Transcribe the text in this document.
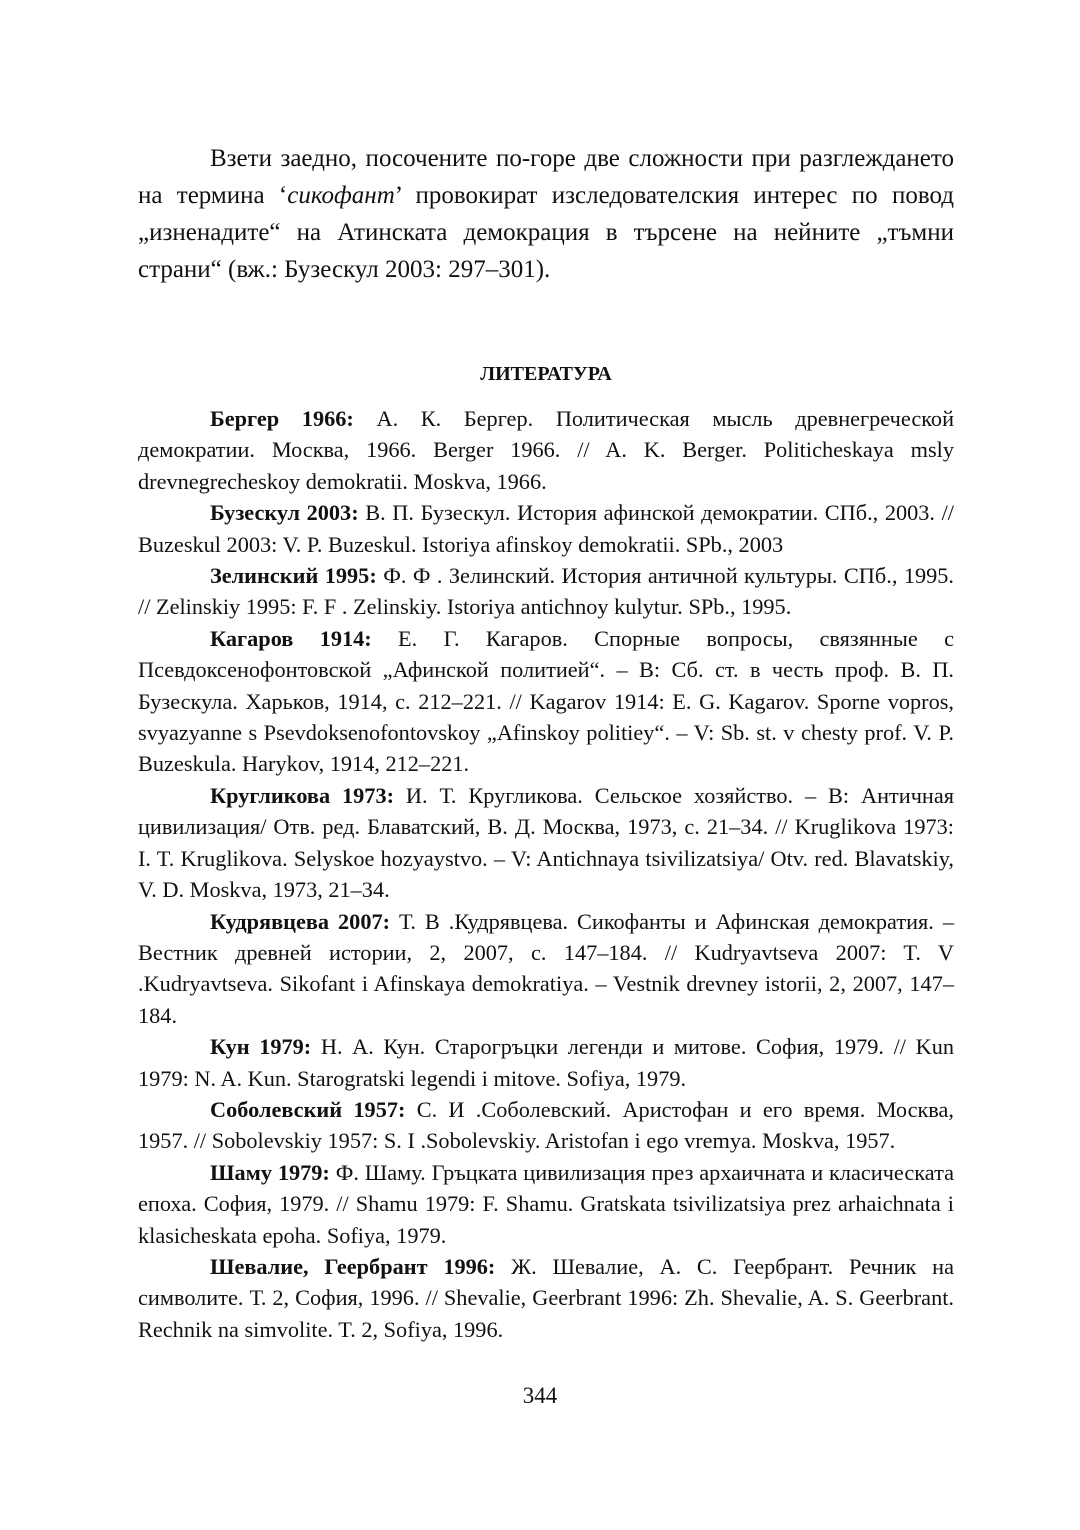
Взети заедно, посочените по-горе две сложности при разглеждането на термина ‘сикофант’ провокират изследователския интерес по повод „изненадите“ на Атинската демокрация в търсене на нейните „тъмни страни“ (вж.: Бузескул 2003: 297–301).

ЛИТЕРАТУРА

Бергер 1966: А. К. Бергер. Политическая мысль древнегреческой демократии. Москва, 1966. Berger 1966. // A. K. Berger. Politicheskaya msly drevnegrecheskoy demokratii. Moskva, 1966.

Бузескул 2003: В. П. Бузескул. История афинской демократии. СПб., 2003. // Buzeskul 2003: V. P. Buzeskul. Istoriya afinskoy demokratii. SPb., 2003

Зелинский 1995: Ф. Ф . Зелинский. История античной культуры. СПб., 1995. // Zelinskiy 1995: F. F . Zelinskiy. Istoriya antichnoy kulytur. SPb., 1995.

Кагаров 1914: Е. Г. Кагаров. Спорные вопросы, связянные с Псевдоксенофонтовской „Афинской политией“. – В: Сб. ст. в честь проф. В. П. Бузескула. Харьков, 1914, с. 212–221. // Kagarov 1914: E. G. Kagarov. Sporne vopros, svyazyanne s Psevdoksenofontovskoy „Afinskoy politiey“. – V: Sb. st. v chesty prof. V. P. Buzeskula. Harykov, 1914, 212–221.

Кругликова 1973: И. Т. Кругликова. Сельское хозяйство. – В: Античная цивилизация/ Отв. ред. Блаватский, В. Д. Москва, 1973, с. 21–34. // Kruglikova 1973: I. T. Kruglikova. Selyskoe hozyaystvo. – V: Antichnaya tsivilizatsiya/ Otv. red. Blavatskiy, V. D. Moskva, 1973, 21–34.

Кудрявцева 2007: Т. В .Кудрявцева. Сикофанты и Афинская демократия. – Вестник древней истории, 2, 2007, с. 147–184. // Kudryavtseva 2007: T. V .Kudryavtseva. Sikofant i Afinskaya demokratiya. – Vestnik drevney istorii, 2, 2007, 147–184.

Кун 1979: Н. А. Кун. Старогръцки легенди и митове. София, 1979. // Kun 1979: N. A. Kun. Starogratski legendi i mitove. Sofiya, 1979.

Соболевский 1957: С. И .Соболевский. Аристофан и его время. Москва, 1957. // Sobolevskiy 1957: S. I .Sobolevskiy. Aristofan i ego vremya. Moskva, 1957.

Шаму 1979: Ф. Шаму. Гръцката цивилизация през архаичната и класическата епоха. София, 1979. // Shamu 1979: F. Shamu. Gratskata tsivilizatsiya prez arhaichnata i klasicheskata epoha. Sofiya, 1979.

Шевалие, Геербрант 1996: Ж. Шевалие, А. С. Геербрант. Речник на символите. Т. 2, София, 1996. // Shevalie, Geerbrant 1996: Zh. Shevalie, A. S. Geerbrant. Rechnik na simvolite. T. 2, Sofiya, 1996.

344
